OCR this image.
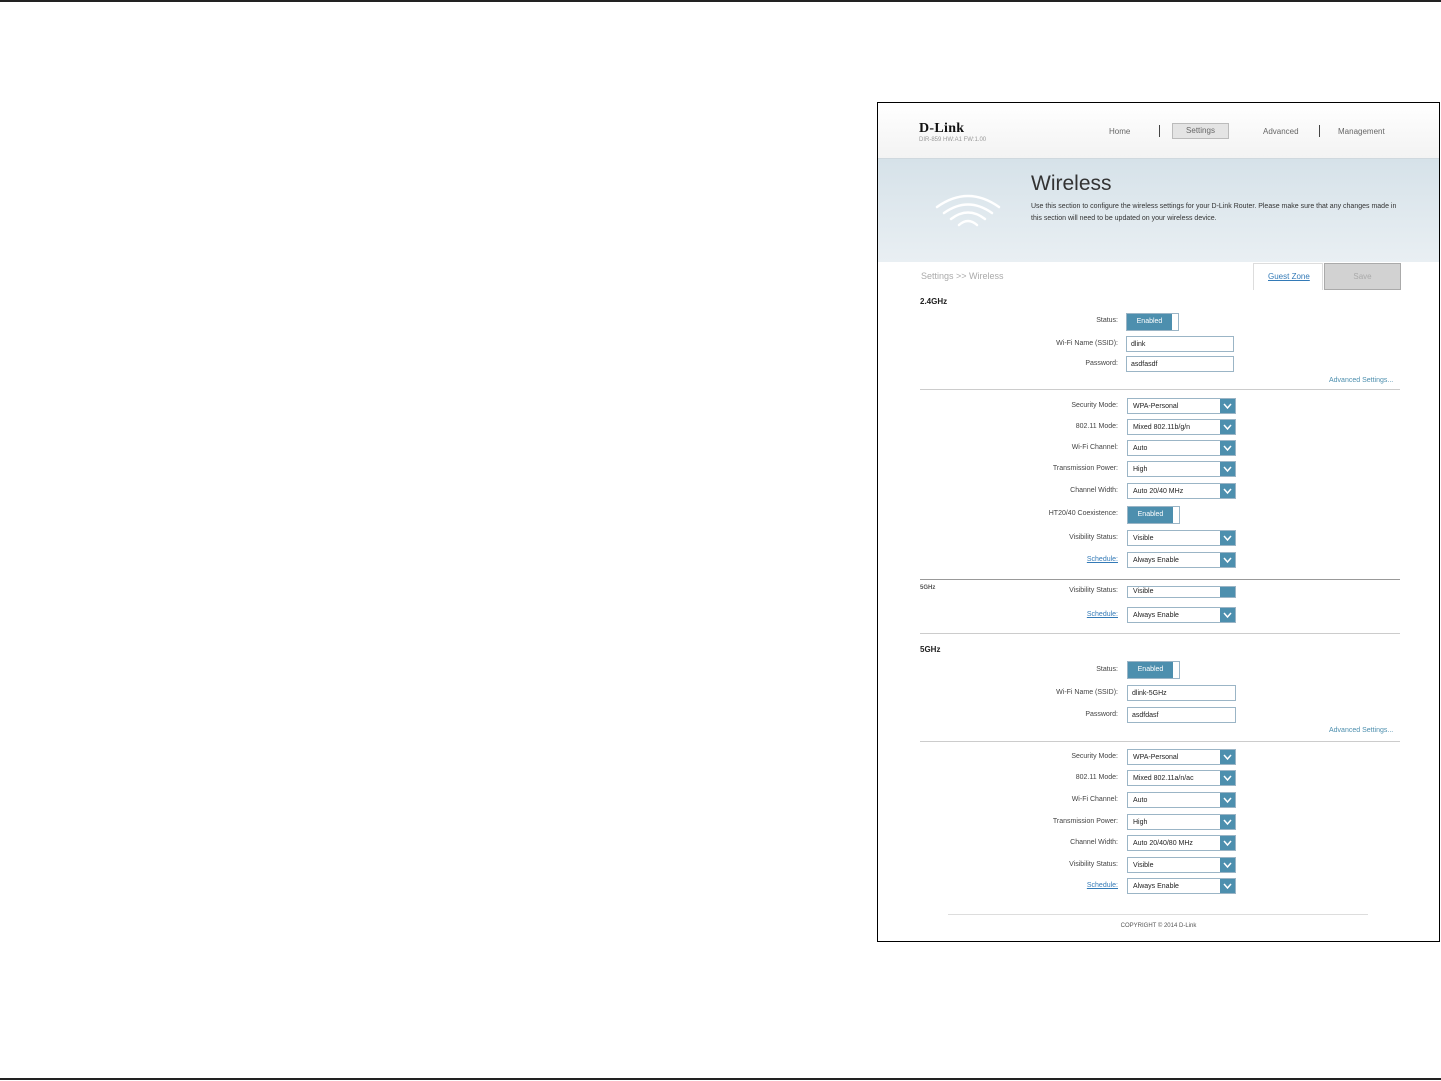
D-Link
DIR-859 HW:A1 FW:1.00
Home	Settings	Advanced	Management
Wireless
Use this section to configure the wireless settings for your D-Link Router. Please make sure that any changes made in this section will need to be updated on your wireless device.
Settings >> Wireless	Guest Zone	Save
2.4GHz
Status:	Enabled
Wi-Fi Name (SSID): dlink
Password: asdfasdf
Advanced Settings...
Security Mode: WPA-Personal
802.11 Mode: Mixed 802.11b/g/n
Wi-Fi Channel: Auto
Transmission Power: High
Channel Width: Auto 20/40 MHz
HT20/40 Coexistence:	Enabled
Visibility Status: Visible
Schedule: Always Enable
5GHz	Visibility Status: Visible
Schedule: Always Enable
5GHz
Status:	Enabled
Wi-Fi Name (SSID): dlink-5GHz
Password: asdfdasf
Advanced Settings...
Security Mode: WPA-Personal
802.11 Mode: Mixed 802.11a/n/ac
Wi-Fi Channel: Auto
Transmission Power: High
Channel Width: Auto 20/40/80 MHz
Visibility Status: Visible
Schedule: Always Enable
COPYRIGHT © 2014 D-Link
